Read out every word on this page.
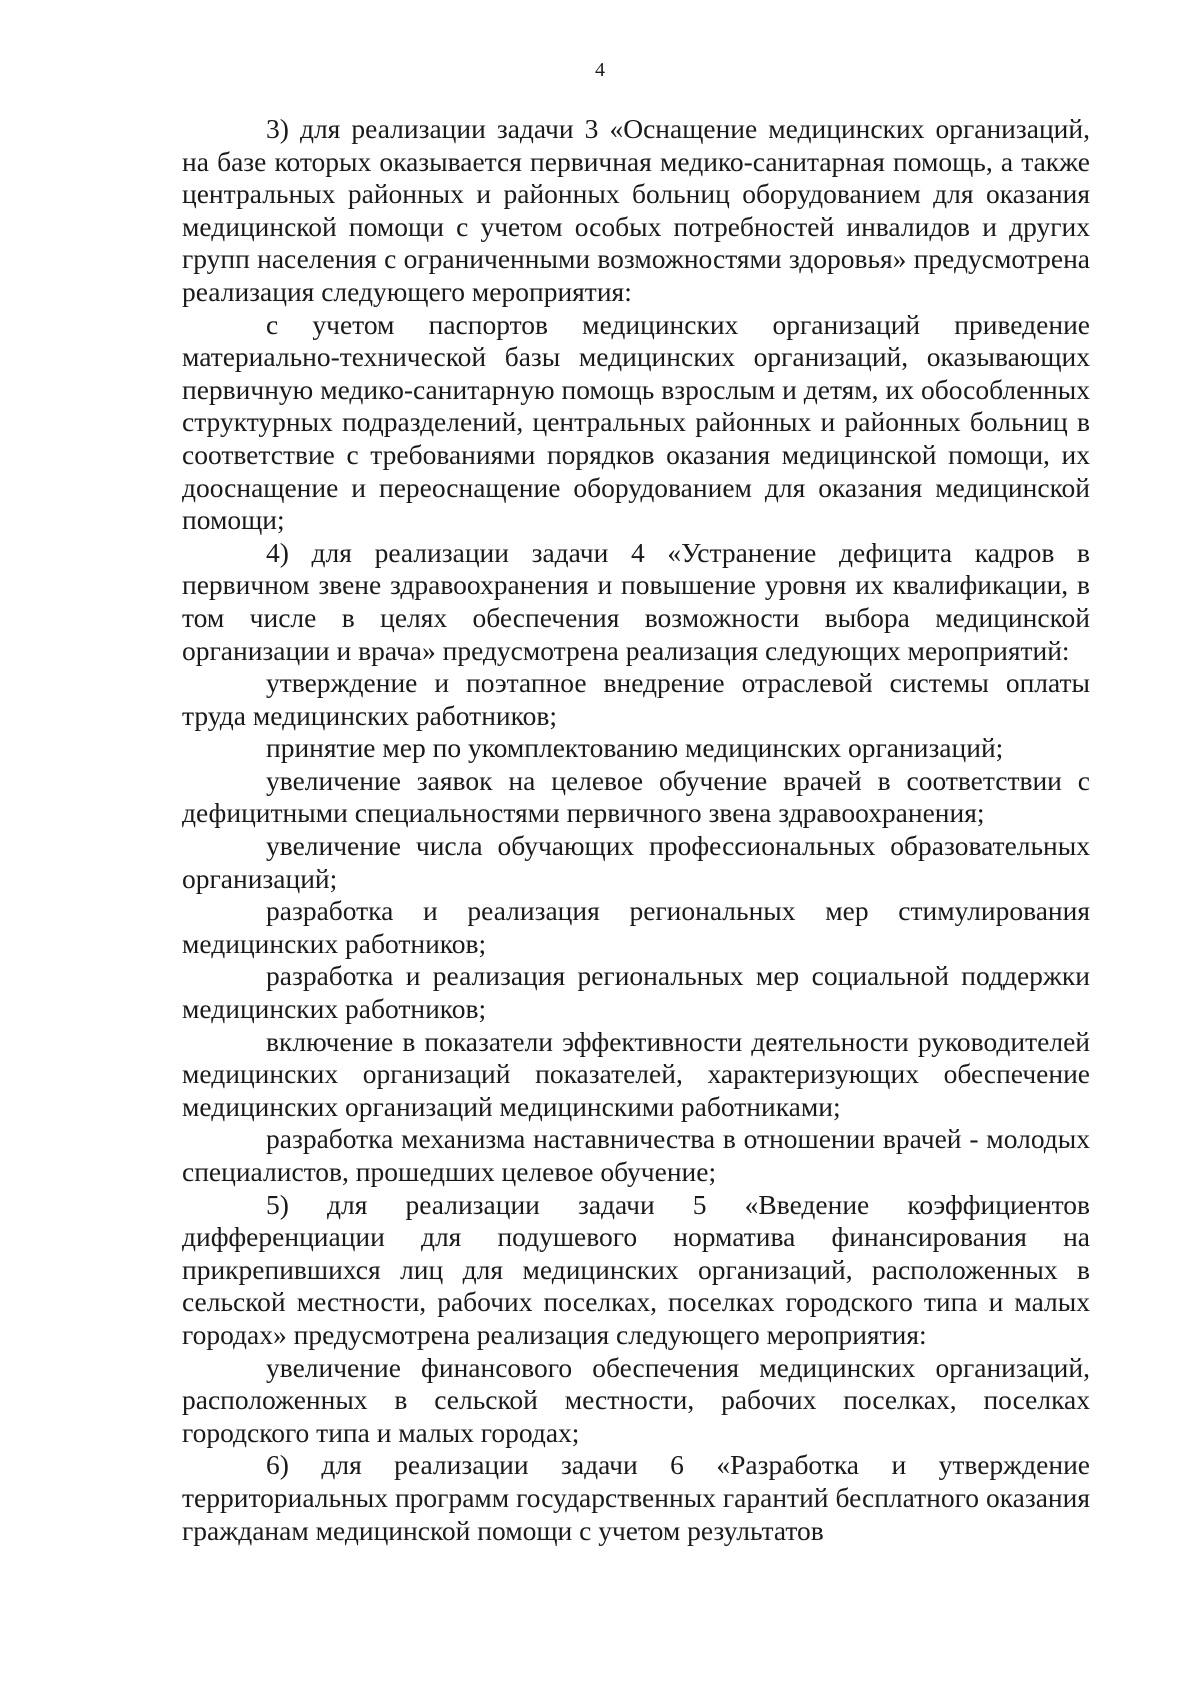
4

3) для реализации задачи 3 «Оснащение медицинских организаций, на базе которых оказывается первичная медико-санитарная помощь, а также центральных районных и районных больниц оборудованием для оказания медицинской помощи с учетом особых потребностей инвалидов и других групп населения с ограниченными возможностями здоровья» предусмотрена реализация следующего мероприятия:

с учетом паспортов медицинских организаций приведение материально-технической базы медицинских организаций, оказывающих первичную медико-санитарную помощь взрослым и детям, их обособленных структурных подразделений, центральных районных и районных больниц в соответствие с требованиями порядков оказания медицинской помощи, их дооснащение и переоснащение оборудованием для оказания медицинской помощи;

4) для реализации задачи 4 «Устранение дефицита кадров в первичном звене здравоохранения и повышение уровня их квалификации, в том числе в целях обеспечения возможности выбора медицинской организации и врача» предусмотрена реализация следующих мероприятий:

утверждение и поэтапное внедрение отраслевой системы оплаты труда медицинских работников;

принятие мер по укомплектованию медицинских организаций;

увеличение заявок на целевое обучение врачей в соответствии с дефицитными специальностями первичного звена здравоохранения;

увеличение числа обучающих профессиональных образовательных организаций;

разработка и реализация региональных мер стимулирования медицинских работников;

разработка и реализация региональных мер социальной поддержки медицинских работников;

включение в показатели эффективности деятельности руководителей медицинских организаций показателей, характеризующих обеспечение медицинских организаций медицинскими работниками;

разработка механизма наставничества в отношении врачей - молодых специалистов, прошедших целевое обучение;

5) для реализации задачи 5 «Введение коэффициентов дифференциации для подушевого норматива финансирования на прикрепившихся лиц для медицинских организаций, расположенных в сельской местности, рабочих поселках, поселках городского типа и малых городах» предусмотрена реализация следующего мероприятия:

увеличение финансового обеспечения медицинских организаций, расположенных в сельской местности, рабочих поселках, поселках городского типа и малых городах;

6) для реализации задачи 6 «Разработка и утверждение территориальных программ государственных гарантий бесплатного оказания гражданам медицинской помощи с учетом результатов
